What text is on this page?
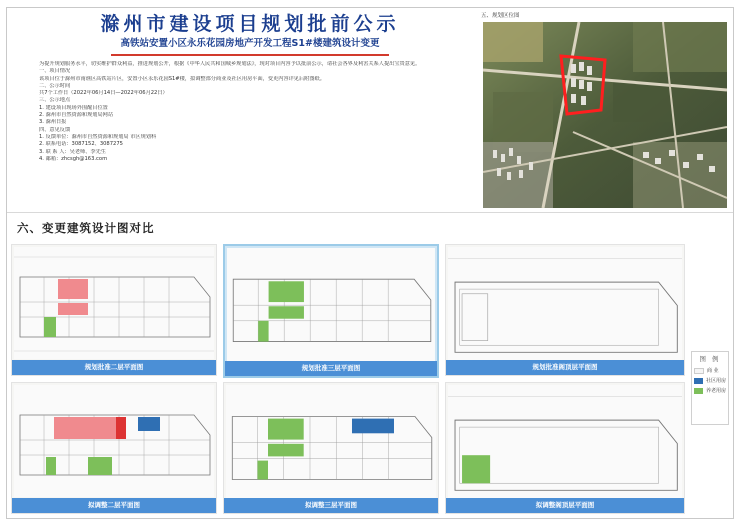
滁州市建设项目规划批前公示
高铁站安置小区永乐花园房地产开发工程S1#楼建筑设计变更

为提升规划服务水平，切实维护群众利益，推进规划公开，根据《中华人民共和国城乡规划法》，现对项目内容予以批前公示，请社会各界及利害关系人提出宝贵意见。

一、项目情况

该项目位于滁州市南谯区高铁站片区，安置小区永乐花园S1#楼，拟调整部分商业及社区用房平面，变更内容详见后附图纸。

二、公示时间

共7个工作日（2022年06月14日—2022年06月22日）

三、公示地点

1. 建设项目现场外围醒目位置

2. 滁州市自然资源和规划局网站

3. 滁州日报

四、意见反馈

1. 反馈单位：滁州市自然资源和规划局 市区规划科

2. 联系电话：3087152、3087275

3. 联 系 人：吴老师、李先生

4. 邮箱：zhcsgh@163.com

五、规划区位图
六、变更建筑设计图对比
规划批准二层平面图	规划批准三层平面图	规划批准阁顶层平面图
拟调整二层平面图	拟调整三层平面图	拟调整阁顶层平面图
图 例
商 业
社区用房
养老用房
